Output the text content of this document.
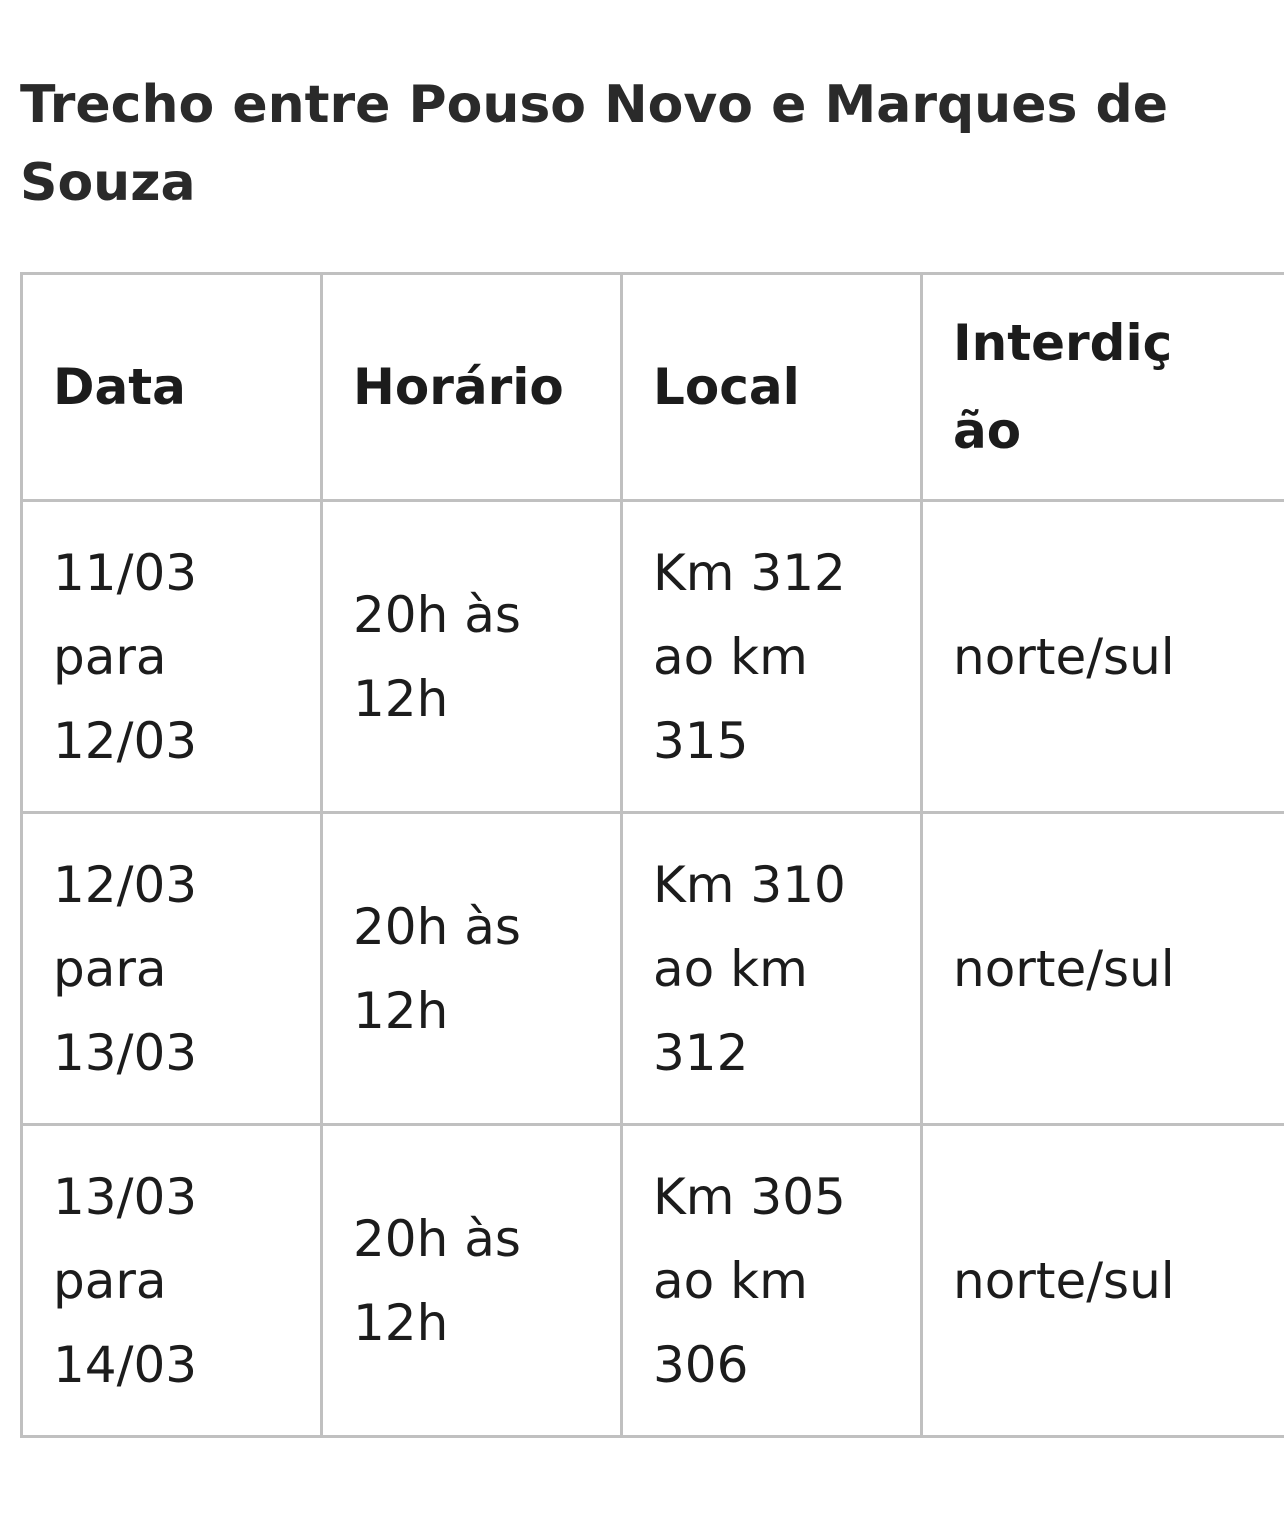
Trecho entre Pouso Novo e Marques de Souza
Data	Horário	Local	Interdição

11/03 para 12/03	20h às 12h	Km 312 ao km 315	norte/sul

12/03 para 13/03	20h às 12h	Km 310 ao km 312	norte/sul

13/03 para 14/03	20h às 12h	Km 305 ao km 306	norte/sul
